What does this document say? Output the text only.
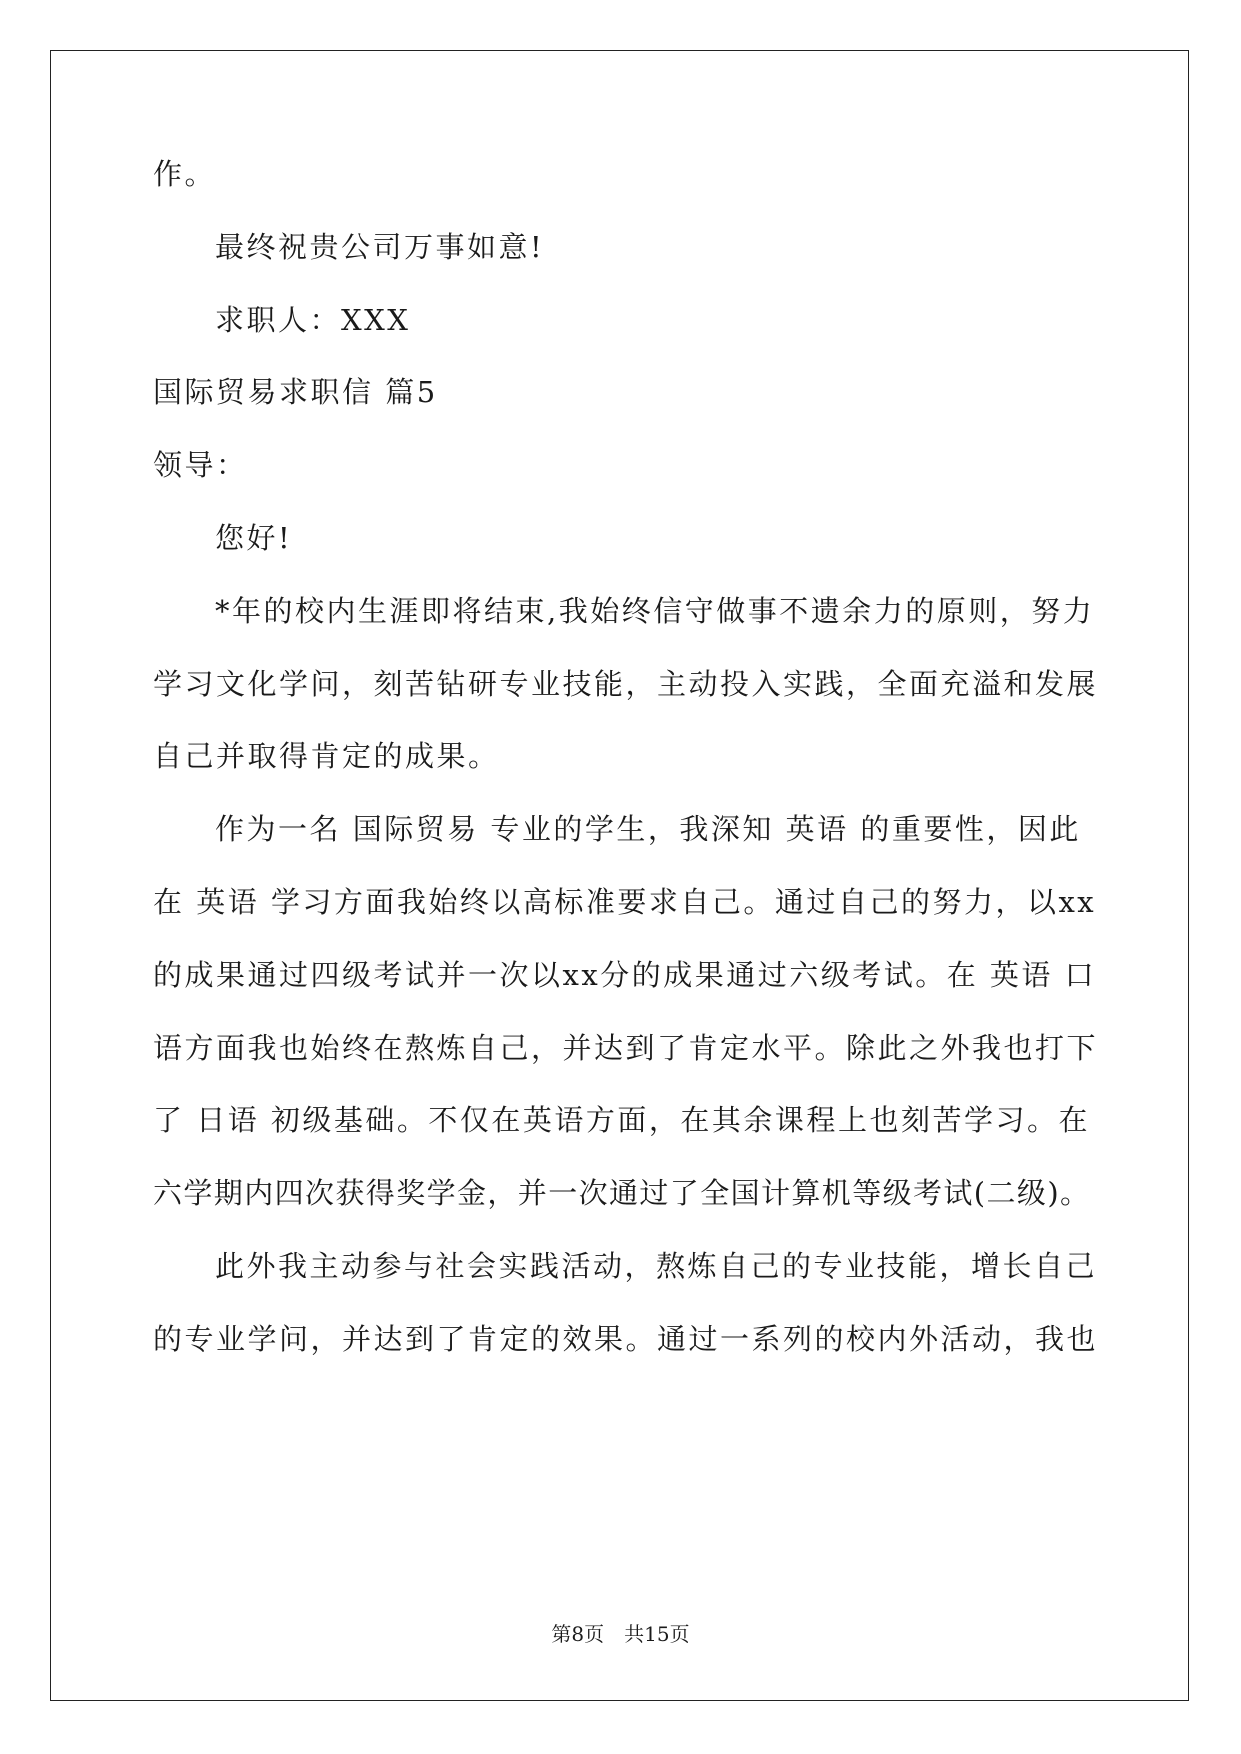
作。
最终祝贵公司万事如意!
求职人：XXX
国际贸易求职信 篇5
领导：
您好!
*年的校内生涯即将结束,我始终信守做事不遗余力的原则，努力
学习文化学问，刻苦钻研专业技能，主动投入实践，全面充溢和发展
自己并取得肯定的成果。
作为一名 国际贸易 专业的学生，我深知 英语 的重要性，因此
在 英语 学习方面我始终以高标准要求自己。通过自己的努力，以xx
的成果通过四级考试并一次以xx分的成果通过六级考试。在 英语 口
语方面我也始终在熬炼自己，并达到了肯定水平。除此之外我也打下
了 日语 初级基础。不仅在英语方面，在其余课程上也刻苦学习。在
六学期内四次获得奖学金，并一次通过了全国计算机等级考试(二级)。
此外我主动参与社会实践活动，熬炼自己的专业技能，增长自己
的专业学问，并达到了肯定的效果。通过一系列的校内外活动，我也
第8页　共15页
